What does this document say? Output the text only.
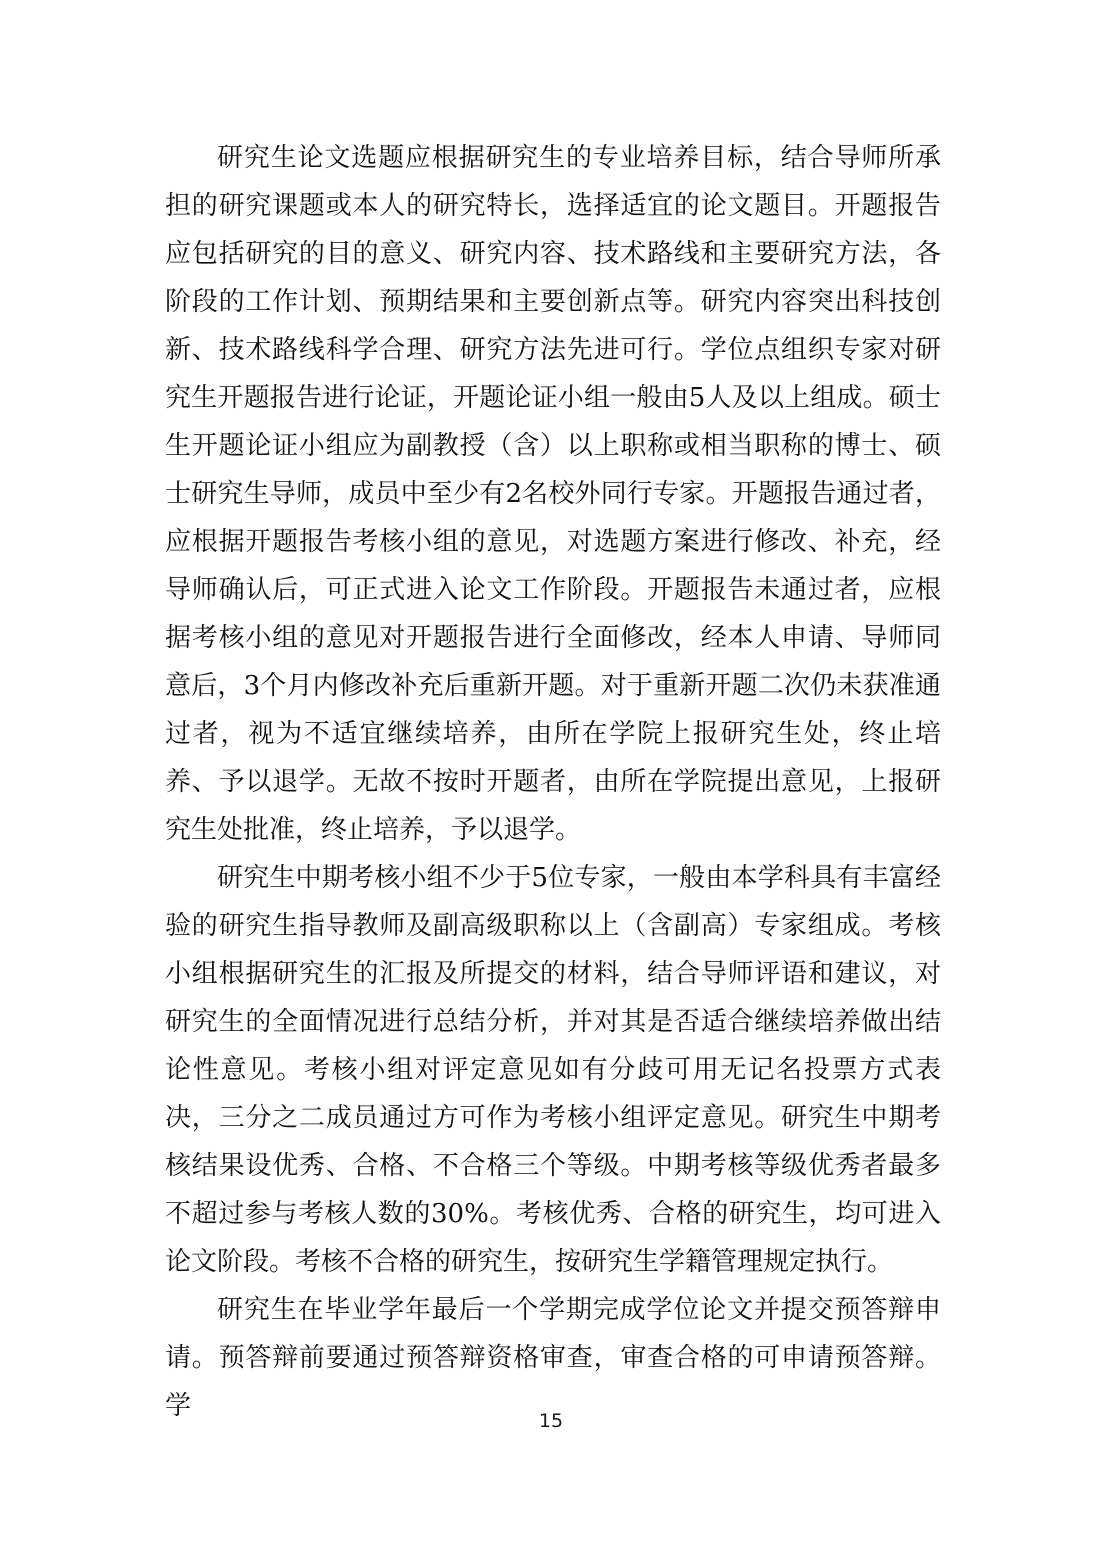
研究生论文选题应根据研究生的专业培养目标，结合导师所承担的研究课题或本人的研究特长，选择适宜的论文题目。开题报告应包括研究的目的意义、研究内容、技术路线和主要研究方法，各阶段的工作计划、预期结果和主要创新点等。研究内容突出科技创新、技术路线科学合理、研究方法先进可行。学位点组织专家对研究生开题报告进行论证，开题论证小组一般由5人及以上组成。硕士生开题论证小组应为副教授（含）以上职称或相当职称的博士、硕士研究生导师，成员中至少有2名校外同行专家。开题报告通过者，应根据开题报告考核小组的意见，对选题方案进行修改、补充，经导师确认后，可正式进入论文工作阶段。开题报告未通过者，应根据考核小组的意见对开题报告进行全面修改，经本人申请、导师同意后，3个月内修改补充后重新开题。对于重新开题二次仍未获准通过者，视为不适宜继续培养，由所在学院上报研究生处，终止培养、予以退学。无故不按时开题者，由所在学院提出意见，上报研究生处批准，终止培养，予以退学。

研究生中期考核小组不少于5位专家，一般由本学科具有丰富经验的研究生指导教师及副高级职称以上（含副高）专家组成。考核小组根据研究生的汇报及所提交的材料，结合导师评语和建议，对研究生的全面情况进行总结分析，并对其是否适合继续培养做出结论性意见。考核小组对评定意见如有分歧可用无记名投票方式表决，三分之二成员通过方可作为考核小组评定意见。研究生中期考核结果设优秀、合格、不合格三个等级。中期考核等级优秀者最多不超过参与考核人数的30%。考核优秀、合格的研究生，均可进入论文阶段。考核不合格的研究生，按研究生学籍管理规定执行。

研究生在毕业学年最后一个学期完成学位论文并提交预答辩申请。预答辩前要通过预答辩资格审查，审查合格的可申请预答辩。学	15
